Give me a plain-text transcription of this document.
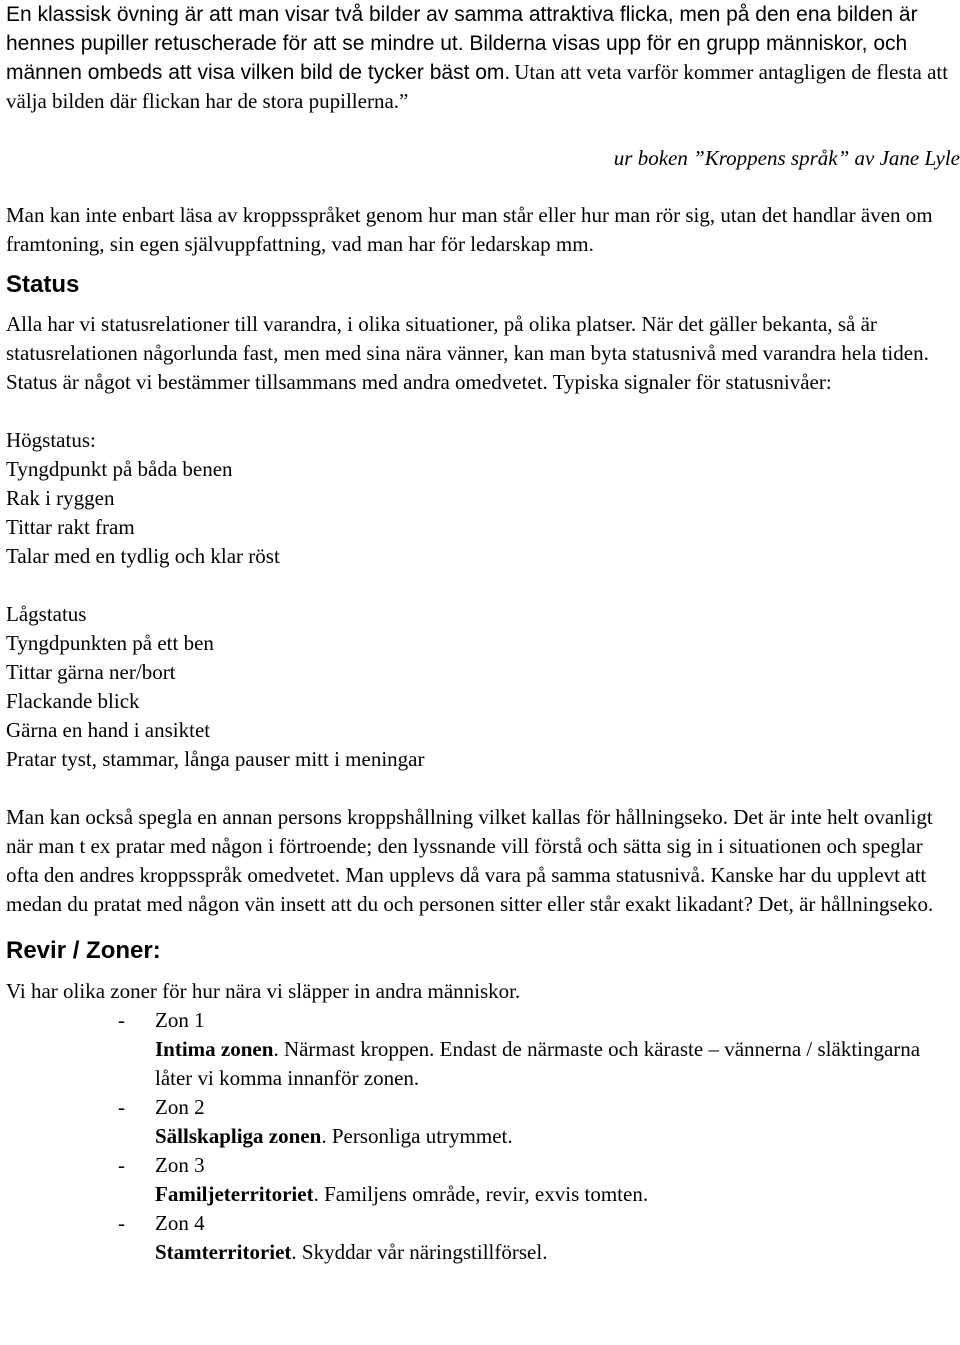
En klassisk övning är att man visar två bilder av samma attraktiva flicka, men på den ena bilden är hennes pupiller retuscherade för att se mindre ut. Bilderna visas upp för en grupp människor, och männen ombeds att visa vilken bild de tycker bäst om. Utan att veta varför kommer antagligen de flesta att välja bilden där flickan har de stora pupillerna.”

ur boken ”Kroppens språk” av Jane Lyle

Man kan inte enbart läsa av kroppsspråket genom hur man står eller hur man rör sig, utan det handlar även om framtoning, sin egen självuppfattning, vad man har för ledarskap mm.

Status

Alla har vi statusrelationer till varandra, i olika situationer, på olika platser. När det gäller bekanta, så är statusrelationen någorlunda fast, men med sina nära vänner, kan man byta statusnivå med varandra hela tiden. Status är något vi bestämmer tillsammans med andra omedvetet. Typiska signaler för statusnivåer:

Högstatus:
Tyngdpunkt på båda benen
Rak i ryggen
Tittar rakt fram
Talar med en tydlig och klar röst
Lågstatus
Tyngdpunkten på ett ben
Tittar gärna ner/bort
Flackande blick
Gärna en hand i ansiktet
Pratar tyst, stammar, långa pauser mitt i meningar

Man kan också spegla en annan persons kroppshållning vilket kallas för hållningseko. Det är inte helt ovanligt när man t ex pratar med någon i förtroende; den lyssnande vill förstå och sätta sig in i situationen och speglar ofta den andres kroppsspråk omedvetet. Man upplevs då vara på samma statusnivå. Kanske har du upplevt att medan du pratat med någon vän insett att du och personen sitter eller står exakt likadant? Det, är hållningseko.

Revir / Zoner:

Vi har olika zoner för hur nära vi släpper in andra människor.

- Zon 1
Intima zonen. Närmast kroppen. Endast de närmaste och käraste – vännerna / släktingarna låter vi komma innanför zonen.
- Zon 2
Sällskapliga zonen. Personliga utrymmet.
- Zon 3
Familjeterritoriet. Familjens område, revir, exvis tomten.
- Zon 4
Stamterritoriet. Skyddar vår näringstillförsel.
